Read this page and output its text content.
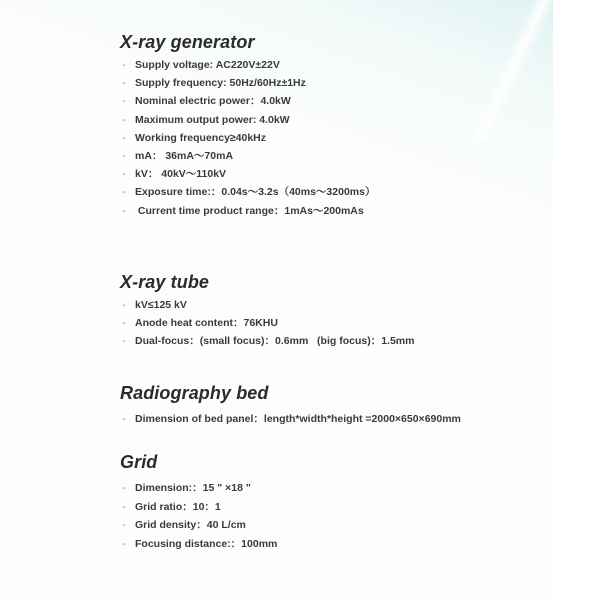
X-ray generator
- Supply voltage: AC220V±22V
- Supply frequency: 50Hz/60Hz±1Hz
- Nominal electric power：4.0kW
- Maximum output power: 4.0kW
- Working frequency≥40kHz
- mA： 36mA～70mA
- kV： 40kV～110kV
- Exposure time:：0.04s～3.2s（40ms～3200ms）
- Current time product range：1mAs～200mAs
X-ray tube
- kV≤125 kV
- Anode heat content：76KHU
- Dual-focus：(small focus)：0.6mm   (big focus)：1.5mm
Radiography bed
- Dimension of bed panel：length*width*height =2000×650×690mm
Grid
- Dimension:：15 " ×18 "
- Grid ratio：10：1
- Grid density：40 L/cm
- Focusing distance:：100mm
